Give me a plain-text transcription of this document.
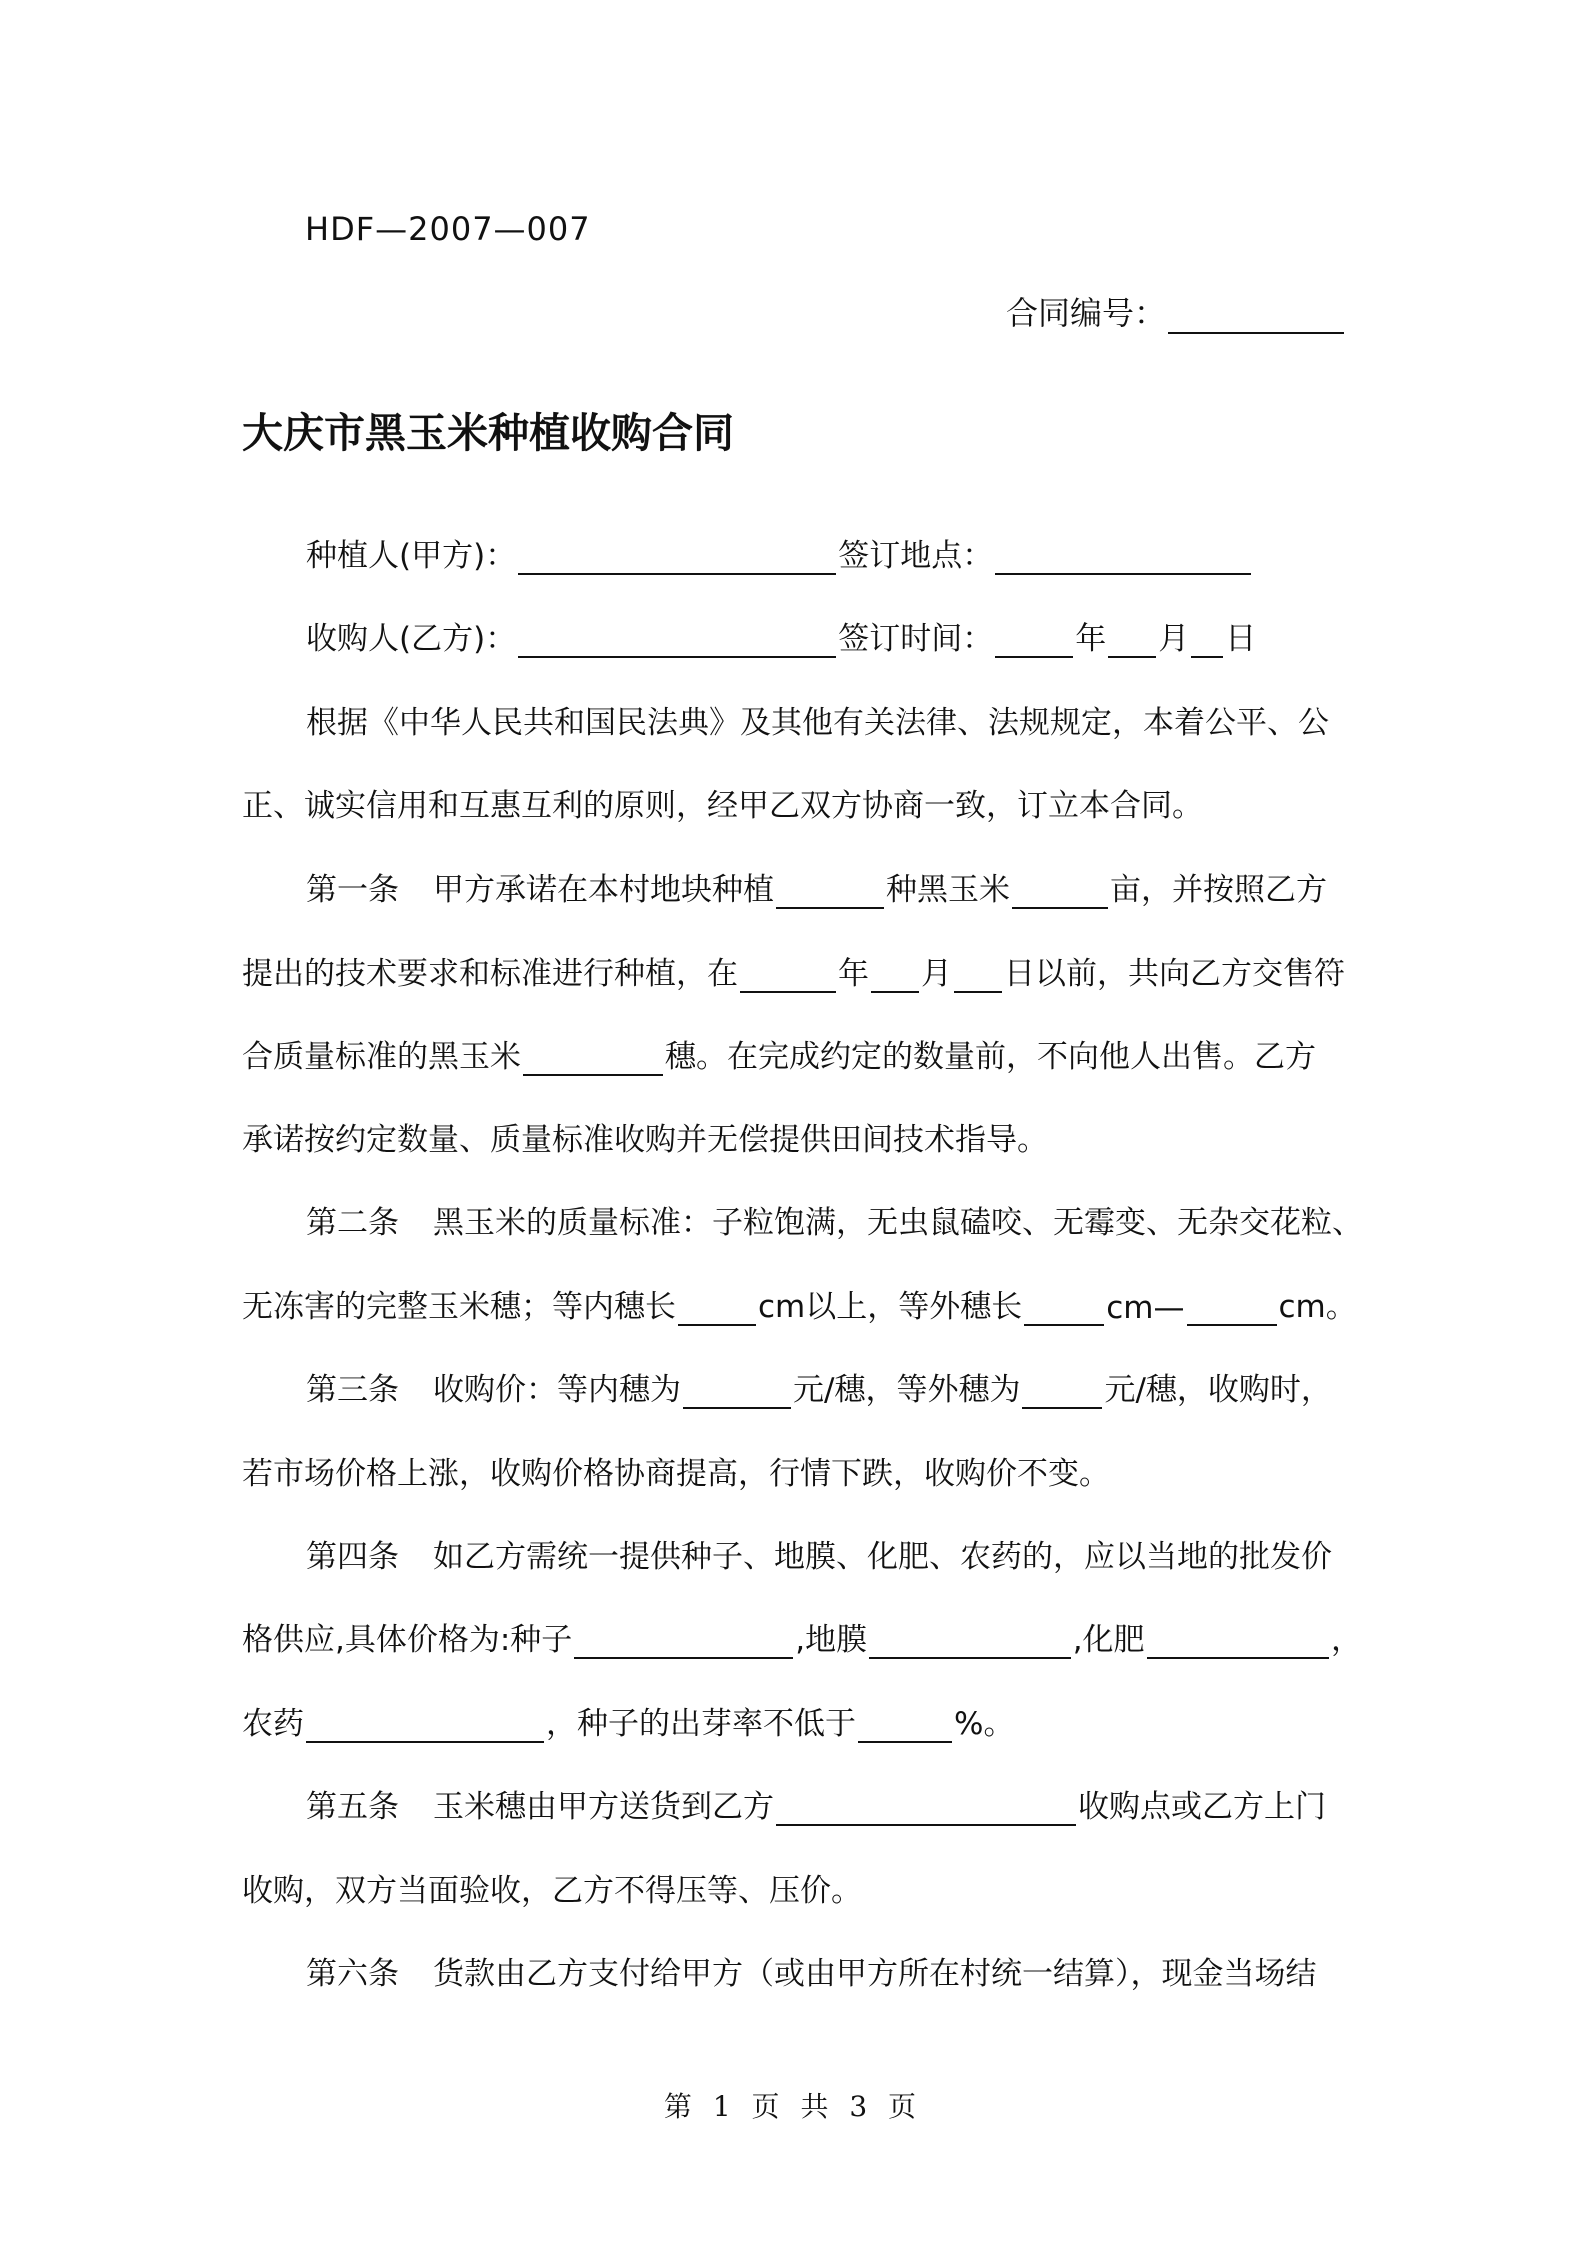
HDF—2007—007
合同编号：
大庆市黑玉米种植收购合同
种植人(甲方)：	签订地点：
收购人(乙方)：	签订时间：	年 月 日
根据《中华人民共和国民法典》及其他有关法律、法规规定，本着公平、公
正、诚实信用和互惠互利的原则，经甲乙双方协商一致，订立本合同。
第一条 甲方承诺在本村地块种植	种黑玉米	亩，并按照乙方
提出的技术要求和标准进行种植，在	年 月 日以前，共向乙方交售符
合质量标准的黑玉米	穗。在完成约定的数量前，不向他人出售。乙方
承诺按约定数量、质量标准收购并无偿提供田间技术指导。
第二条 黑玉米的质量标准：子粒饱满，无虫鼠磕咬、无霉变、无杂交花粒、
无冻害的完整玉米穗；等内穗长	cm以上，等外穗长	cm—	cm。
第三条 收购价：等内穗为	元/穗，等外穗为	元/穗，收购时，
若市场价格上涨，收购价格协商提高，行情下跌，收购价不变。
第四条 如乙方需统一提供种子、地膜、化肥、农药的，应以当地的批发价
格供应,具体价格为:种子	,地膜	,化肥	，
农药	，种子的出芽率不低于	%。
第五条 玉米穗由甲方送货到乙方	收购点或乙方上门
收购，双方当面验收，乙方不得压等、压价。
第六条 货款由乙方支付给甲方（或由甲方所在村统一结算），现金当场结
第 1 页 共 3 页
